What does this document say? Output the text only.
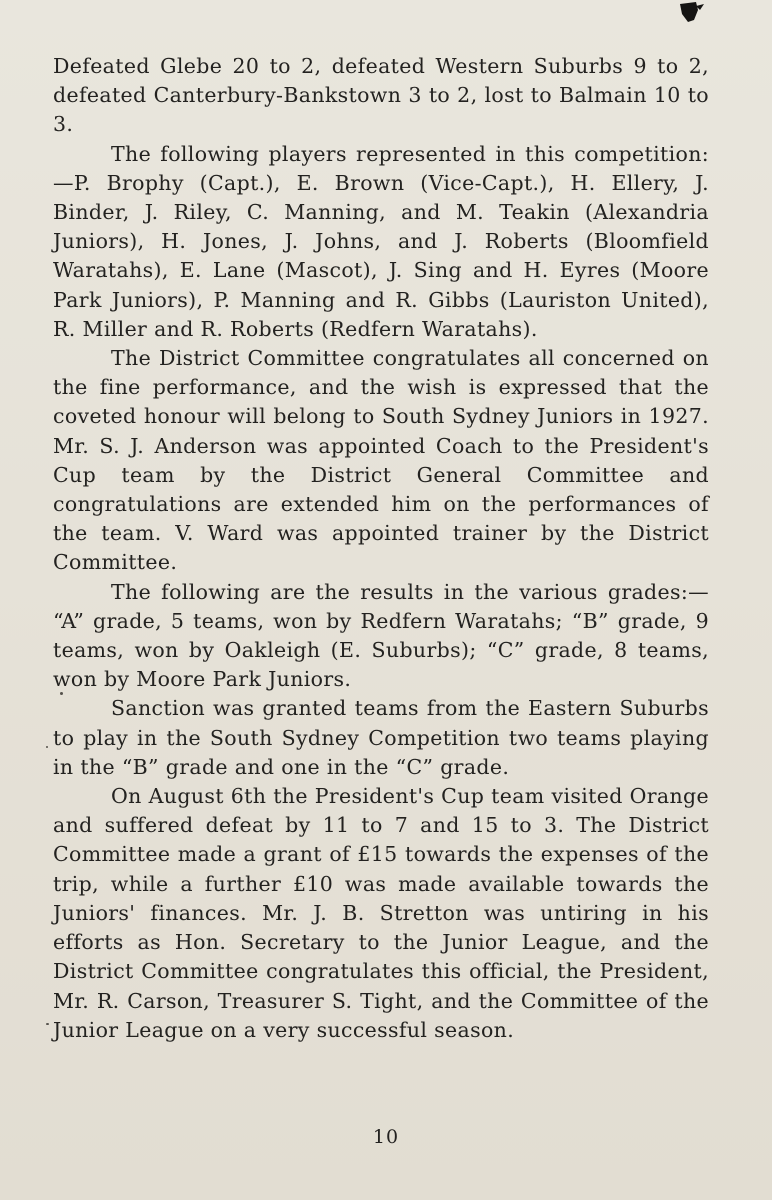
Defeated Glebe 20 to 2, defeated Western Suburbs 9 to 2, defeated Canterbury-Bankstown 3 to 2, lost to Balmain 10 to 3.

The following players represented in this competition:—P. Brophy (Capt.), E. Brown (Vice-Capt.), H. Ellery, J. Binder, J. Riley, C. Manning, and M. Teakin (Alexandria Juniors), H. Jones, J. Johns, and J. Roberts (Bloomfield Waratahs), E. Lane (Mascot), J. Sing and H. Eyres (Moore Park Juniors), P. Manning and R. Gibbs (Lauriston United), R. Miller and R. Roberts (Redfern Waratahs).

The District Committee congratulates all concerned on the fine performance, and the wish is expressed that the coveted honour will belong to South Sydney Juniors in 1927. Mr. S. J. Anderson was appointed Coach to the President's Cup team by the District General Committee and congratulations are extended him on the performances of the team. V. Ward was appointed trainer by the District Committee.

The following are the results in the various grades:— “A” grade, 5 teams, won by Redfern Waratahs; “B” grade, 9 teams, won by Oakleigh (E. Suburbs); “C” grade, 8 teams, won by Moore Park Juniors.

Sanction was granted teams from the Eastern Suburbs to play in the South Sydney Competition two teams playing in the “B” grade and one in the “C” grade.

On August 6th the President's Cup team visited Orange and suffered defeat by 11 to 7 and 15 to 3. The District Committee made a grant of £15 towards the expenses of the trip, while a further £10 was made available towards the Juniors' finances. Mr. J. B. Stretton was untiring in his efforts as Hon. Secretary to the Junior League, and the District Committee congratulates this official, the President, Mr. R. Carson, Treasurer S. Tight, and the Committee of the Junior League on a very successful season.

10
